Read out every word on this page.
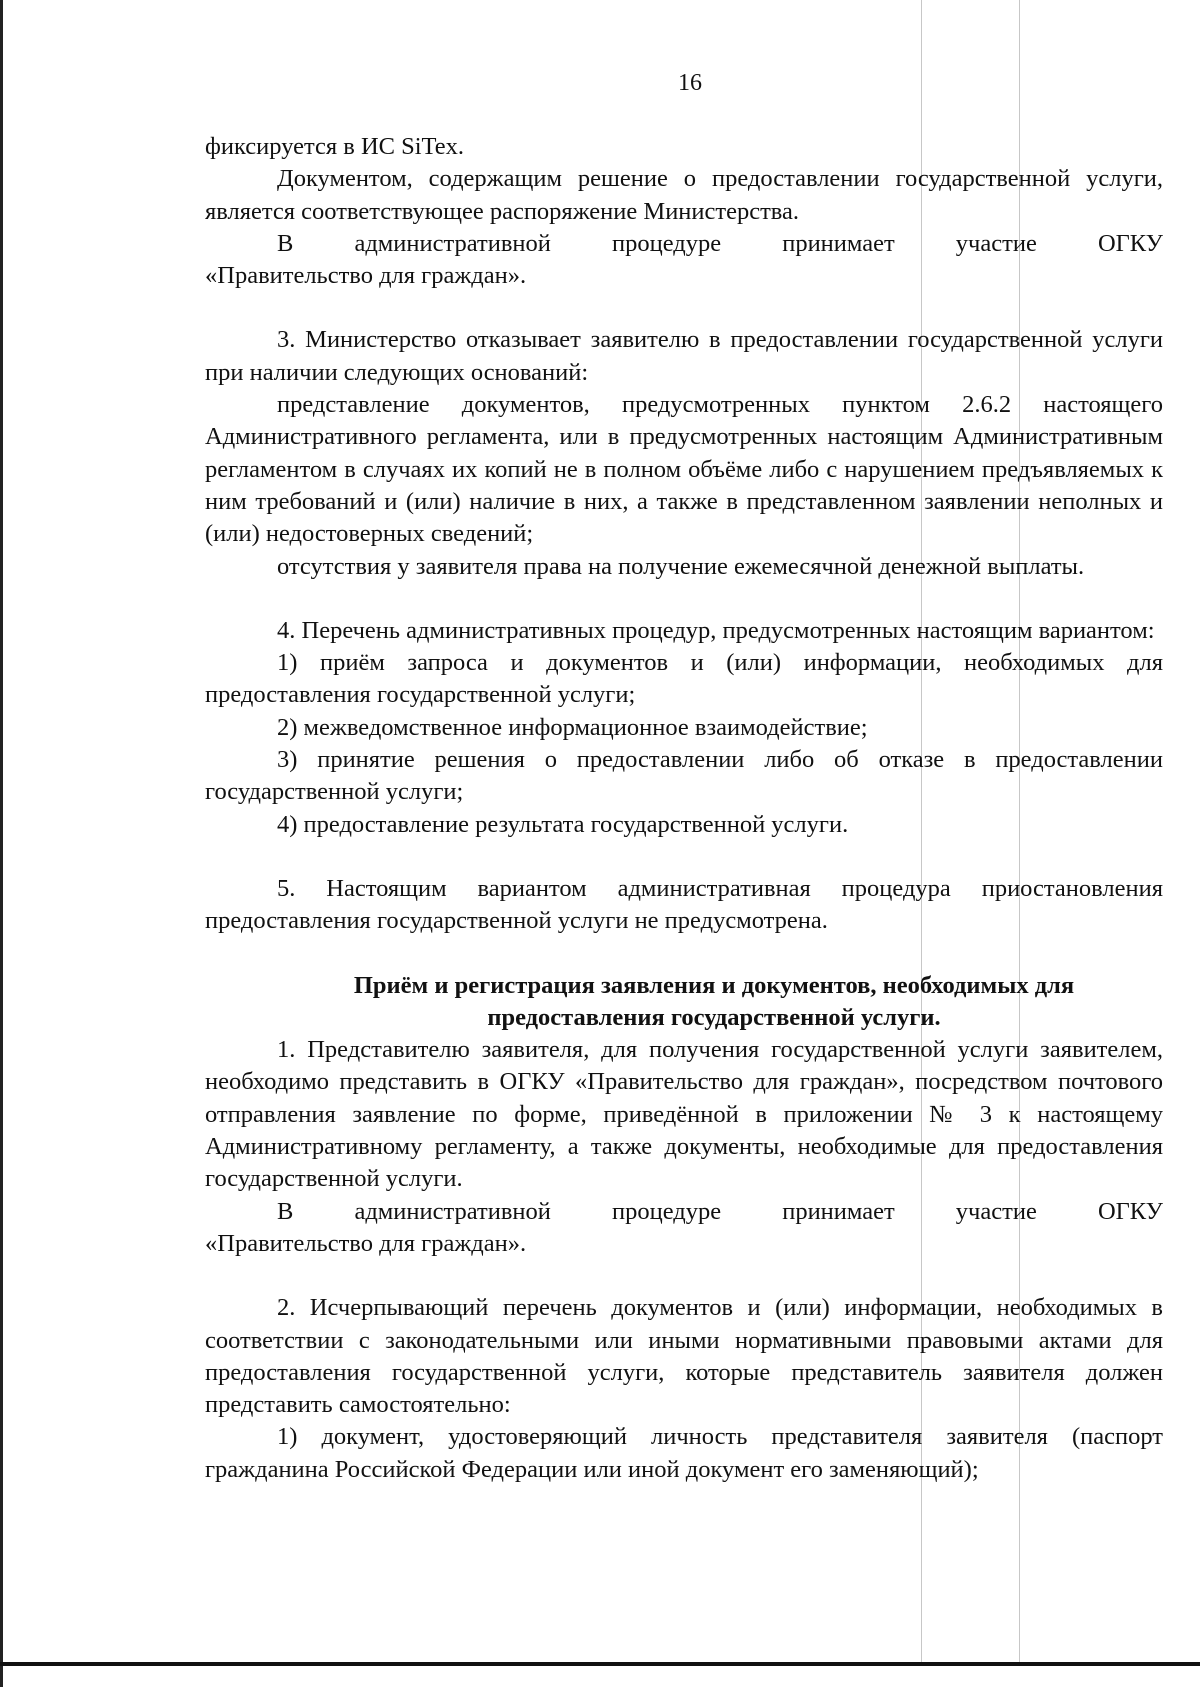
16

фиксируется в ИС SiTex.

Документом, содержащим решение о предоставлении государственной услуги, является соответствующее распоряжение Министерства.

В административной процедуре принимает участие ОГКУ

«Правительство для граждан».

3. Министерство отказывает заявителю в предоставлении государственной услуги при наличии следующих оснований:

представление документов, предусмотренных пунктом 2.6.2 настоящего Административного регламента, или в предусмотренных настоящим Административным регламентом в случаях их копий не в полном объёме либо с нарушением предъявляемых к ним требований и (или) наличие в них, а также в представленном заявлении неполных и (или) недостоверных сведений;

отсутствия у заявителя права на получение ежемесячной денежной выплаты.

4. Перечень административных процедур, предусмотренных настоящим вариантом:

1) приём запроса и документов и (или) информации, необходимых для предоставления государственной услуги;

2) межведомственное информационное взаимодействие;

3) принятие решения о предоставлении либо об отказе в предоставлении государственной услуги;

4) предоставление результата государственной услуги.

5. Настоящим вариантом административная процедура приостановления предоставления государственной услуги не предусмотрена.

Приём и регистрация заявления и документов, необходимых для

предоставления государственной услуги.

1. Представителю заявителя, для получения государственной услуги заявителем, необходимо представить в ОГКУ «Правительство для граждан», посредством почтового отправления заявление по форме, приведённой в приложении № 3 к настоящему Административному регламенту, а также документы, необходимые для предоставления государственной услуги.

В административной процедуре принимает участие ОГКУ

«Правительство для граждан».

2. Исчерпывающий перечень документов и (или) информации, необходимых в соответствии с законодательными или иными нормативными правовыми актами для предоставления государственной услуги, которые представитель заявителя должен представить самостоятельно:

1) документ, удостоверяющий личность представителя заявителя (паспорт гражданина Российской Федерации или иной документ его заменяющий);
